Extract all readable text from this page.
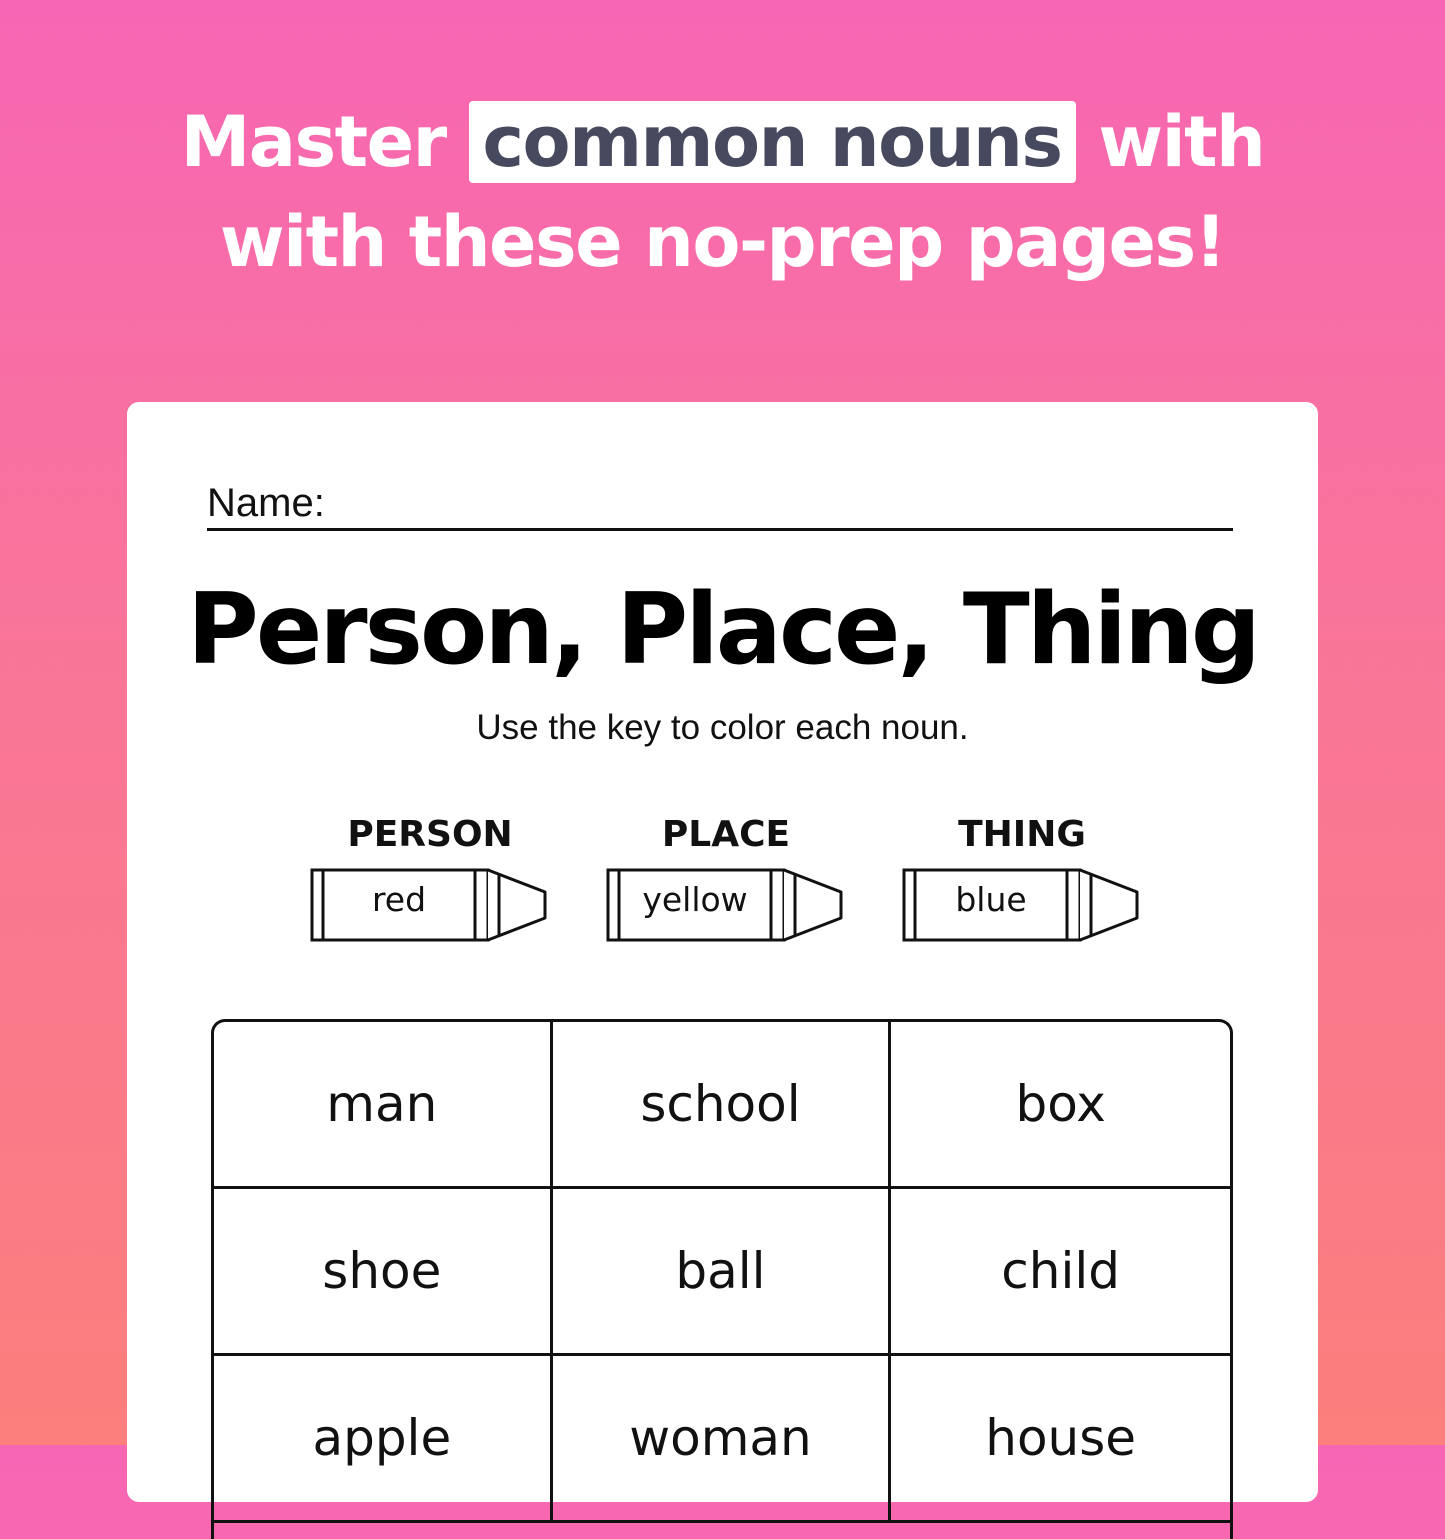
Master common nouns with
with these no-prep pages!
Name:
Person, Place, Thing
Use the key to color each noun.
PERSON
red
PLACE
yellow
THING
blue
man	school	box
shoe	ball	child
apple	woman	house
